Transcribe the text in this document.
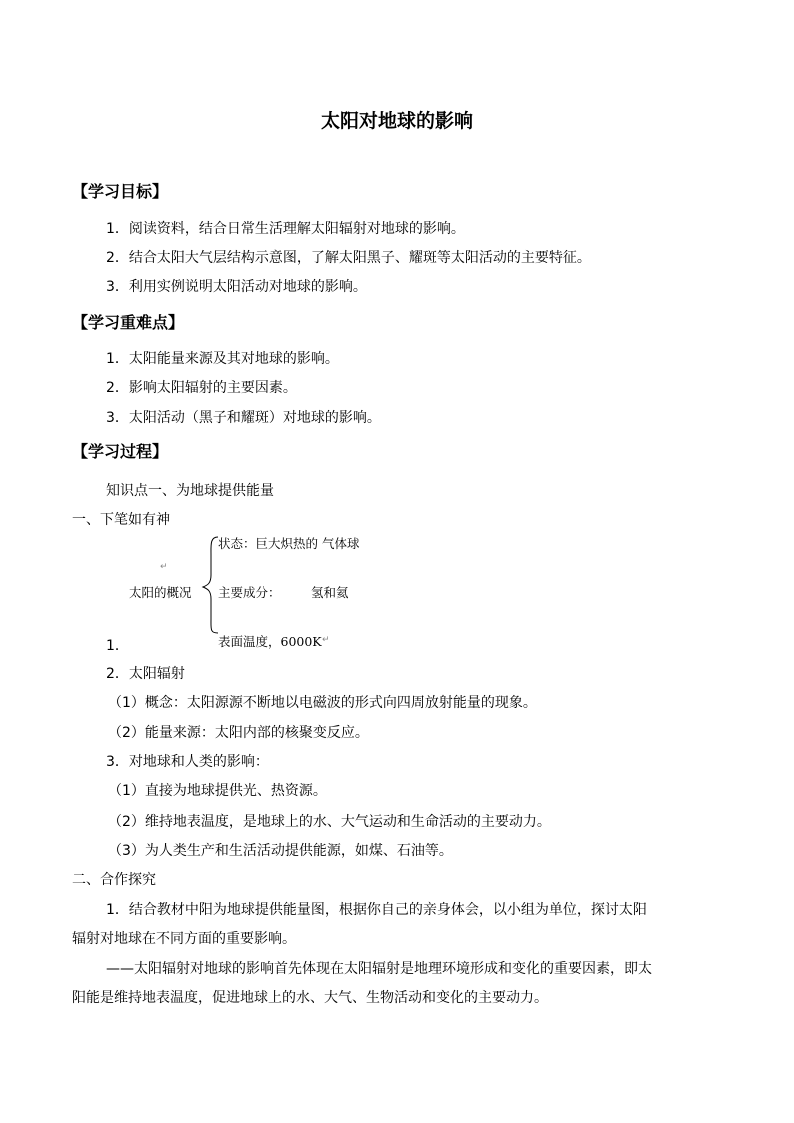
太阳对地球的影响
【学习目标】
1．阅读资料，结合日常生活理解太阳辐射对地球的影响。
2．结合太阳大气层结构示意图，了解太阳黑子、耀斑等太阳活动的主要特征。
3．利用实例说明太阳活动对地球的影响。
【学习重难点】
1．太阳能量来源及其对地球的影响。
2．影响太阳辐射的主要因素。
3．太阳活动（黑子和耀斑）对地球的影响。
【学习过程】
知识点一、为地球提供能量
一、下笔如有神
↵
太阳的概况
状态：巨大炽热的 气体球
主要成分： 氢和氦
表面温度，6000K ↵
1．
2．太阳辐射
（1）概念：太阳源源不断地以电磁波的形式向四周放射能量的现象。
（2）能量来源：太阳内部的核聚变反应。
3．对地球和人类的影响：
（1）直接为地球提供光、热资源。
（2）维持地表温度，是地球上的水、大气运动和生命活动的主要动力。
（3）为人类生产和生活活动提供能源，如煤、石油等。
二、合作探究
1．结合教材中阳为地球提供能量图，根据你自己的亲身体会，以小组为单位，探讨太阳
辐射对地球在不同方面的重要影响。
——太阳辐射对地球的影响首先体现在太阳辐射是地理环境形成和变化的重要因素，即太
阳能是维持地表温度，促进地球上的水、大气、生物活动和变化的主要动力。
